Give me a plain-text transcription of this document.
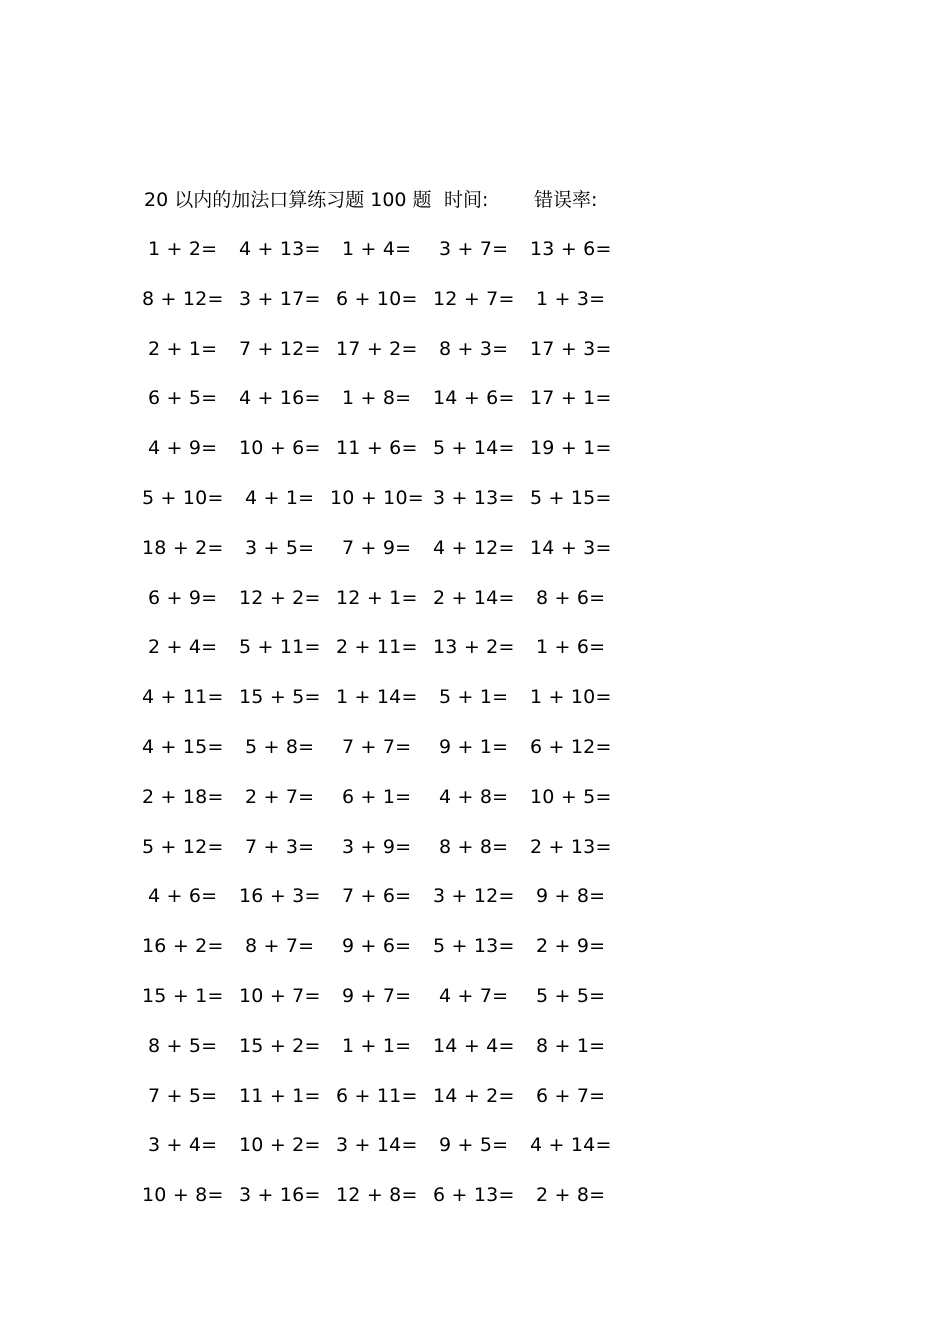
20 以内的加法口算练习题 100 题 时间: 错误率:
1 + 2= 4 + 13= 1 + 4= 3 + 7= 13 + 6=
8 + 12= 3 + 17= 6 + 10= 12 + 7= 1 + 3=
2 + 1= 7 + 12= 17 + 2= 8 + 3= 17 + 3=
6 + 5= 4 + 16= 1 + 8= 14 + 6= 17 + 1=
4 + 9= 10 + 6= 11 + 6= 5 + 14= 19 + 1=
5 + 10= 4 + 1= 10 + 10= 3 + 13= 5 + 15=
18 + 2= 3 + 5= 7 + 9= 4 + 12= 14 + 3=
6 + 9= 12 + 2= 12 + 1= 2 + 14= 8 + 6=
2 + 4= 5 + 11= 2 + 11= 13 + 2= 1 + 6=
4 + 11= 15 + 5= 1 + 14= 5 + 1= 1 + 10=
4 + 15= 5 + 8= 7 + 7= 9 + 1= 6 + 12=
2 + 18= 2 + 7= 6 + 1= 4 + 8= 10 + 5=
5 + 12= 7 + 3= 3 + 9= 8 + 8= 2 + 13=
4 + 6= 16 + 3= 7 + 6= 3 + 12= 9 + 8=
16 + 2= 8 + 7= 9 + 6= 5 + 13= 2 + 9=
15 + 1= 10 + 7= 9 + 7= 4 + 7= 5 + 5=
8 + 5= 15 + 2= 1 + 1= 14 + 4= 8 + 1=
7 + 5= 11 + 1= 6 + 11= 14 + 2= 6 + 7=
3 + 4= 10 + 2= 3 + 14= 9 + 5= 4 + 14=
10 + 8= 3 + 16= 12 + 8= 6 + 13= 2 + 8=
